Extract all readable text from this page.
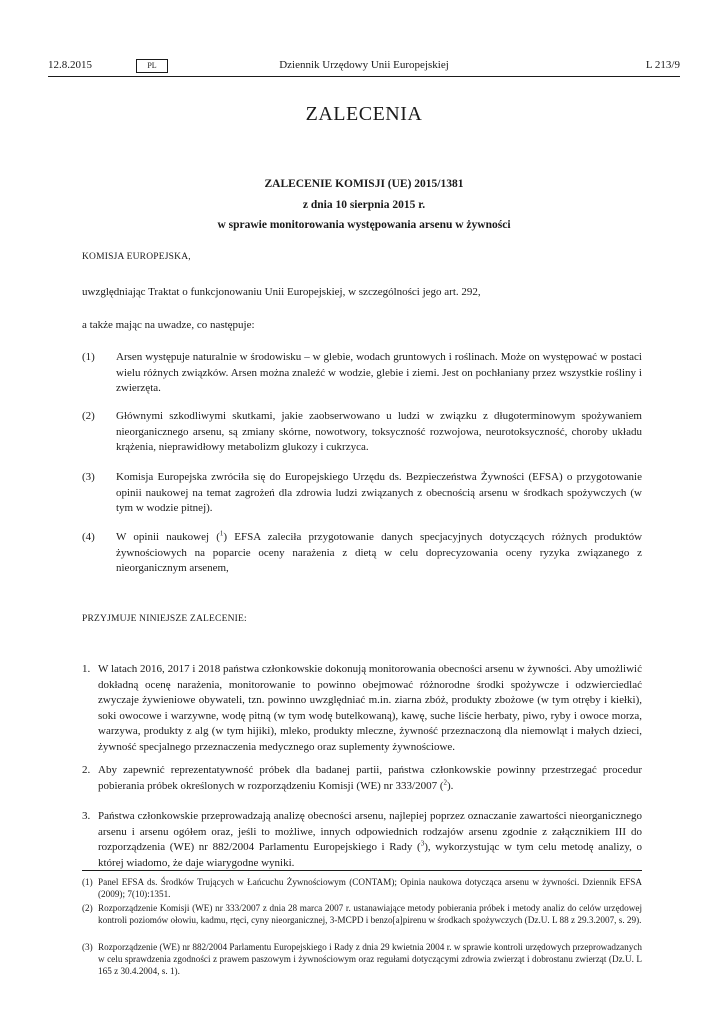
12.8.2015	PL	Dziennik Urzędowy Unii Europejskiej	L 213/9
ZALECENIA
ZALECENIE KOMISJI (UE) 2015/1381
z dnia 10 sierpnia 2015 r.
w sprawie monitorowania występowania arsenu w żywności
KOMISJA EUROPEJSKA,
uwzględniając Traktat o funkcjonowaniu Unii Europejskiej, w szczególności jego art. 292,
a także mając na uwadze, co następuje:
(1) Arsen występuje naturalnie w środowisku – w glebie, wodach gruntowych i roślinach. Może on występować w postaci wielu różnych związków. Arsen można znaleźć w wodzie, glebie i ziemi. Jest on pochłaniany przez wszystkie rośliny i zwierzęta.
(2) Głównymi szkodliwymi skutkami, jakie zaobserwowano u ludzi w związku z długoterminowym spożywaniem nieorganicznego arsenu, są zmiany skórne, nowotwory, toksyczność rozwojowa, neurotoksyczność, choroby układu krążenia, nieprawidłowy metabolizm glukozy i cukrzyca.
(3) Komisja Europejska zwróciła się do Europejskiego Urzędu ds. Bezpieczeństwa Żywności (EFSA) o przygotowanie opinii naukowej na temat zagrożeń dla zdrowia ludzi związanych z obecnością arsenu w środkach spożywczych (w tym w wodzie pitnej).
(4) W opinii naukowej ($^1$) EFSA zaleciła przygotowanie danych specjacyjnych dotyczących różnych produktów żywnościowych na poparcie oceny narażenia z dietą w celu doprecyzowania oceny ryzyka związanego z nieorganicznym arsenem,
PRZYJMUJE NINIEJSZE ZALECENIE:
1. W latach 2016, 2017 i 2018 państwa członkowskie dokonują monitorowania obecności arsenu w żywności. Aby umożliwić dokładną ocenę narażenia, monitorowanie to powinno obejmować różnorodne środki spożywcze i odzwierciedlać zwyczaje żywieniowe obywateli, tzn. powinno uwzględniać m.in. ziarna zbóż, produkty zbożowe (w tym otręby i kiełki), soki owocowe i warzywne, wodę pitną (w tym wodę butelkowaną), kawę, suche liście herbaty, piwo, ryby i owoce morza, warzywa, produkty z alg (w tym hijiki), mleko, produkty mleczne, żywność przeznaczoną dla niemowląt i małych dzieci, żywność specjalnego przeznaczenia medycznego oraz suplementy żywnościowe.
2. Aby zapewnić reprezentatywność próbek dla badanej partii, państwa członkowskie powinny przestrzegać procedur pobierania próbek określonych w rozporządzeniu Komisji (WE) nr 333/2007 ($^2$).
3. Państwa członkowskie przeprowadzają analizę obecności arsenu, najlepiej poprzez oznaczanie zawartości nieorganicznego arsenu i arsenu ogółem oraz, jeśli to możliwe, innych odpowiednich rodzajów arsenu zgodnie z załącznikiem III do rozporządzenia (WE) nr 882/2004 Parlamentu Europejskiego i Rady ($^3$), wykorzystując w tym celu metodę analizy, o której wiadomo, że daje wiarygodne wyniki.
(1) Panel EFSA ds. Środków Trujących w Łańcuchu Żywnościowym (CONTAM); Opinia naukowa dotycząca arsenu w żywności. Dziennik EFSA (2009); 7(10):1351.
(2) Rozporządzenie Komisji (WE) nr 333/2007 z dnia 28 marca 2007 r. ustanawiające metody pobierania próbek i metody analiz do celów urzędowej kontroli poziomów ołowiu, kadmu, rtęci, cyny nieorganicznej, 3-MCPD i benzo[a]pirenu w środkach spożywczych (Dz.U. L 88 z 29.3.2007, s. 29).
(3) Rozporządzenie (WE) nr 882/2004 Parlamentu Europejskiego i Rady z dnia 29 kwietnia 2004 r. w sprawie kontroli urzędowych przeprowadzanych w celu sprawdzenia zgodności z prawem paszowym i żywnościowym oraz regułami dotyczącymi zdrowia zwierząt i dobrostanu zwierząt (Dz.U. L 165 z 30.4.2004, s. 1).
